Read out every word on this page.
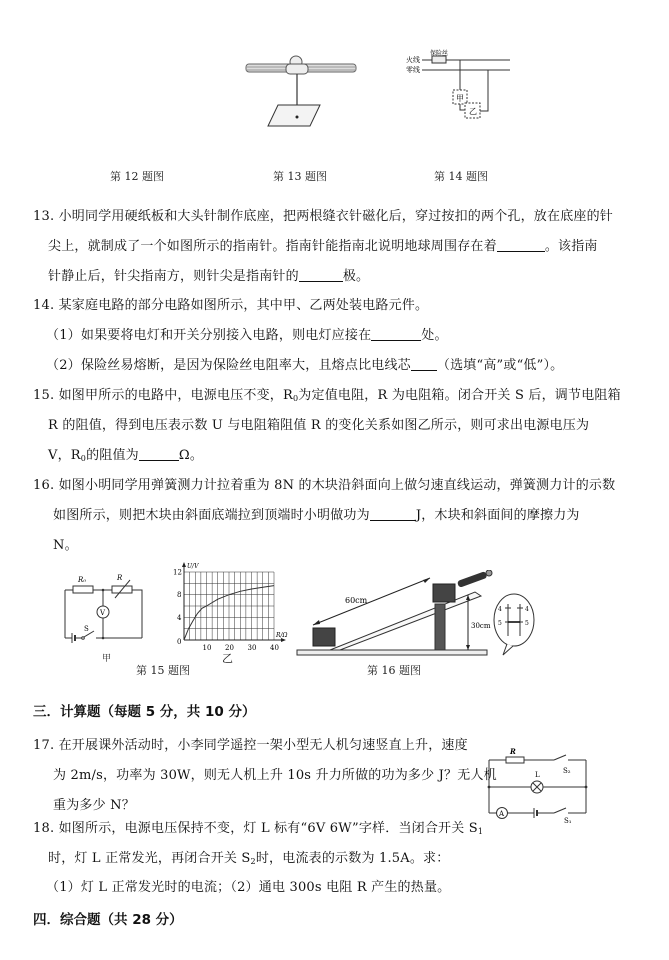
火线
零线
保险丝
甲
乙
第 12 题图	第 13 题图	第 14 题图
13. 小明同学用硬纸板和大头针制作底座，把两根缝衣针磁化后，穿过按扣的两个孔，放在底座的针
尖上，就制成了一个如图所示的指南针。指南针能指南北说明地球周围存在着	。该指南
针静止后，针尖指南方，则针尖是指南针的	极。
14. 某家庭电路的部分电路如图所示，其中甲、乙两处装电路元件。
（1）如果要将电灯和开关分别接入电路，则电灯应接在	处。
（2）保险丝易熔断，是因为保险丝电阻率大，且熔点比电线芯 （选填“高”或“低”）。
15. 如图甲所示的电路中，电源电压不变，$R_0$为定值电阻，R 为电阻箱。闭合开关 S 后，调节电阻箱
R 的阻值，得到电压表示数 U 与电阻箱阻值 R 的变化关系如图乙所示，则可求出电源电压为
V，$R_0$的阻值为	Ω。
16. 如图小明同学用弹簧测力计拉着重为 8N 的木块沿斜面向上做匀速直线运动，弹簧测力计的示数
如图所示，则把木块由斜面底端拉到顶端时小明做功为	J，木块和斜面间的摩擦力为
N。
R₀	R
V
S
甲
10 20 30 40
4
8
12
U/V
R/Ω
0
乙
第 15 题图
60cm
30cm
4	4
5	5
第 16 题图
三．计算题（每题 5 分，共 10 分）
17. 在开展课外活动时，小李同学遥控一架小型无人机匀速竖直上升，速度
为 2m/s，功率为 30W，则无人机上升 10s 升力所做的功为多少 J？无人机
重为多少 N？
R
S₂
L
A
S₁
18. 如图所示，电源电压保持不变，灯 L 标有“6V 6W”字样．当闭合开关 $S_1$
时，灯 L 正常发光，再闭合开关 $S_2$时，电流表的示数为 1.5A。求：
（1）灯 L 正常发光时的电流；（2）通电 300s 电阻 R 产生的热量。
四．综合题（共 28 分）
